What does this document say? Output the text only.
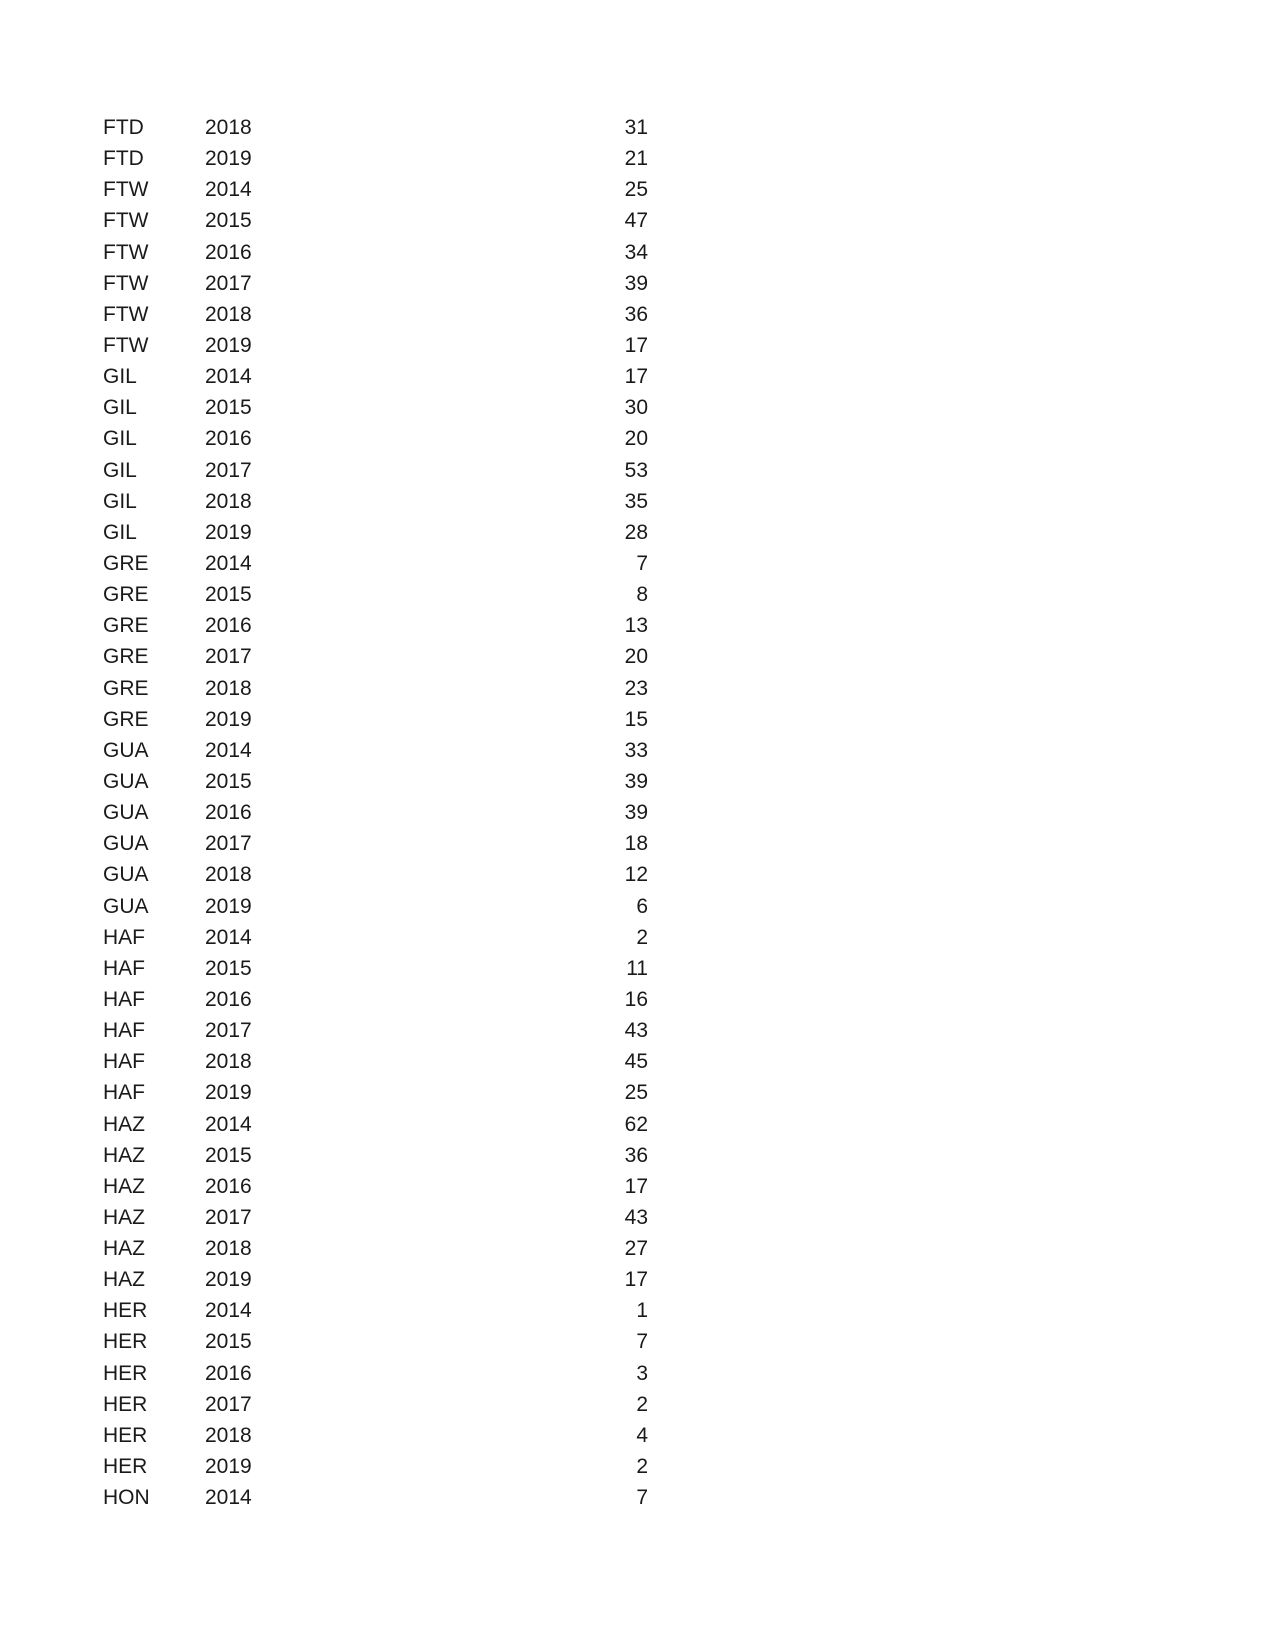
FTD	2018	31
FTD	2019	21
FTW	2014	25
FTW	2015	47
FTW	2016	34
FTW	2017	39
FTW	2018	36
FTW	2019	17
GIL	2014	17
GIL	2015	30
GIL	2016	20
GIL	2017	53
GIL	2018	35
GIL	2019	28
GRE	2014	7
GRE	2015	8
GRE	2016	13
GRE	2017	20
GRE	2018	23
GRE	2019	15
GUA	2014	33
GUA	2015	39
GUA	2016	39
GUA	2017	18
GUA	2018	12
GUA	2019	6
HAF	2014	2
HAF	2015	11
HAF	2016	16
HAF	2017	43
HAF	2018	45
HAF	2019	25
HAZ	2014	62
HAZ	2015	36
HAZ	2016	17
HAZ	2017	43
HAZ	2018	27
HAZ	2019	17
HER	2014	1
HER	2015	7
HER	2016	3
HER	2017	2
HER	2018	4
HER	2019	2
HON	2014	7
